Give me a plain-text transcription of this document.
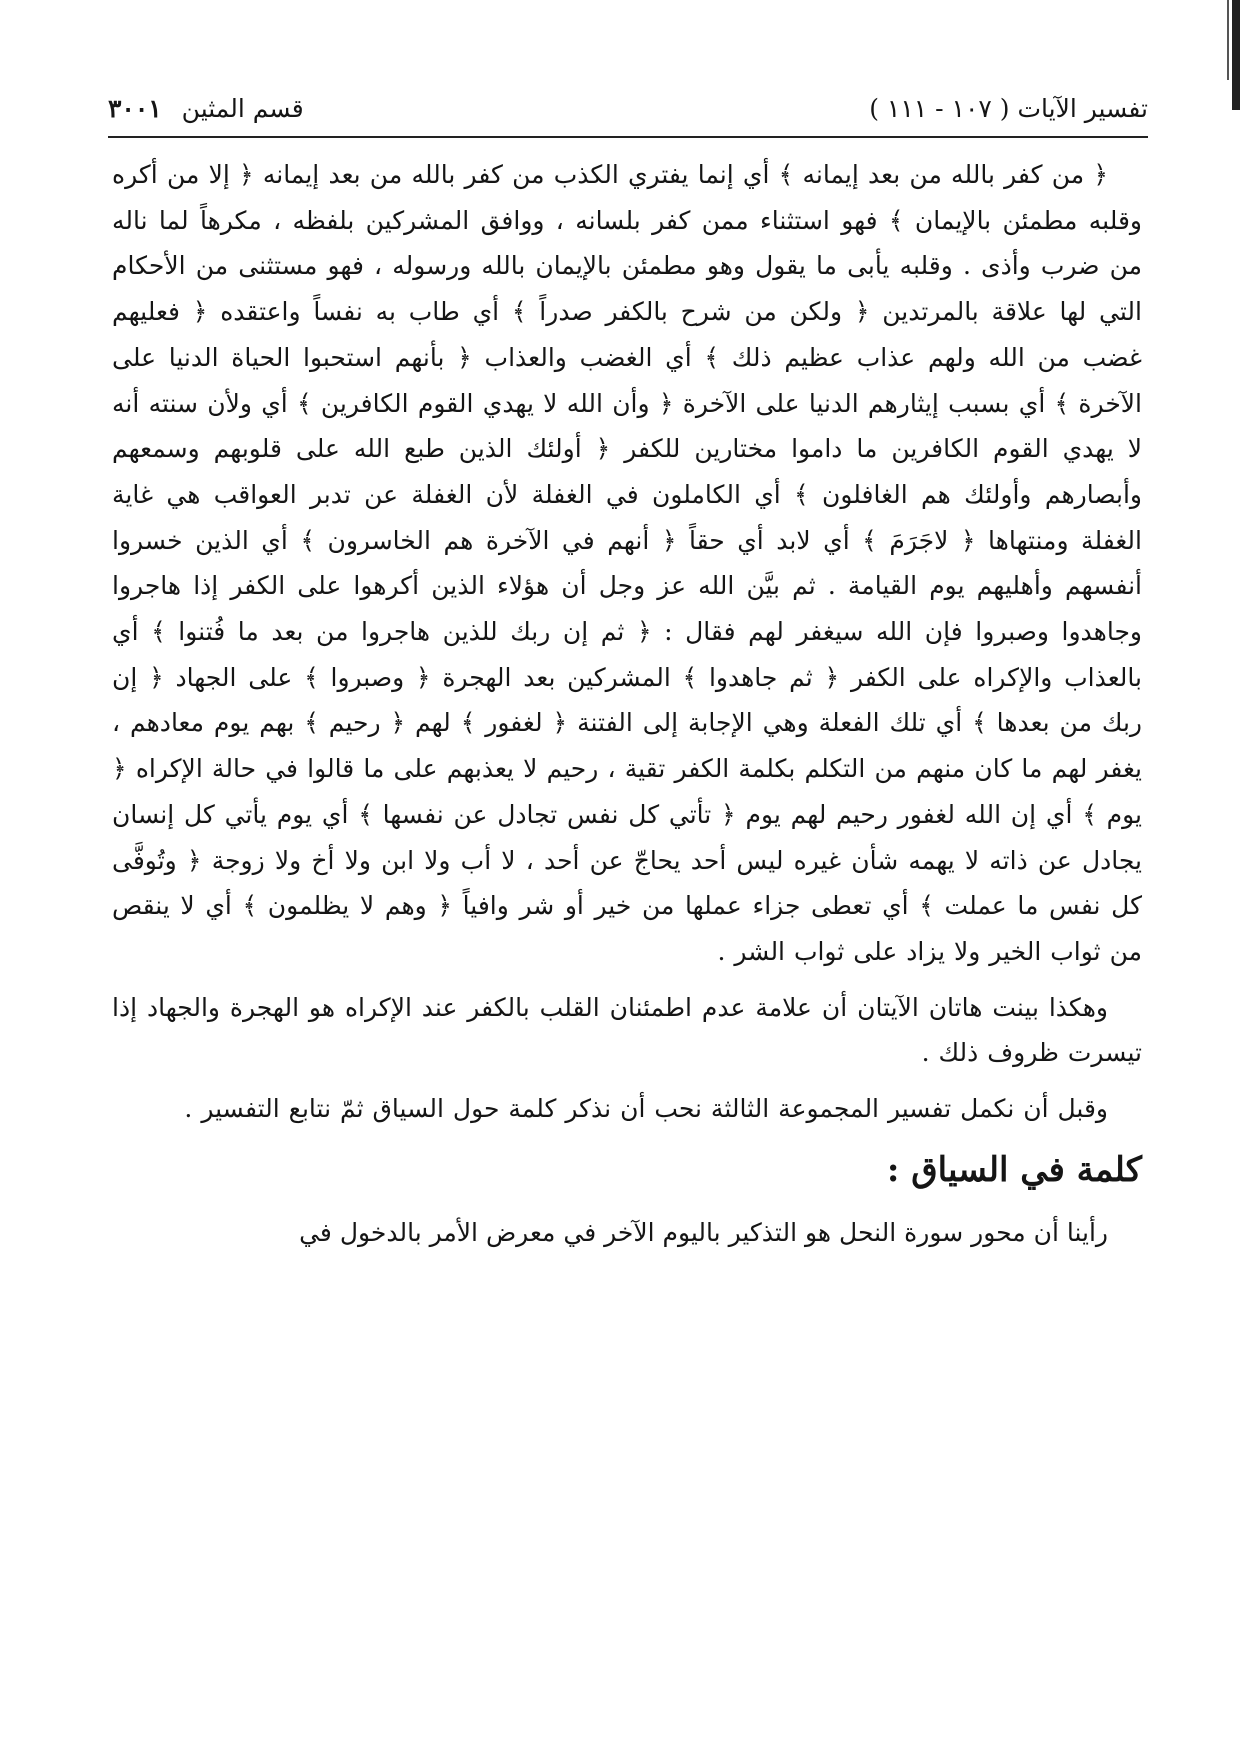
تفسير الآيات ( ١٠٧ - ١١١ )
قسم المثين ٣٠٠١

﴿ من كفر بالله من بعد إيمانه ﴾ أي إنما يفتري الكذب من كفر بالله من بعد إيمانه ﴿ إلا من أكره وقلبه مطمئن بالإيمان ﴾ فهو استثناء ممن كفر بلسانه ، ووافق المشركين بلفظه ، مكرهاً لما ناله من ضرب وأذى . وقلبه يأبى ما يقول وهو مطمئن بالإيمان بالله ورسوله ، فهو مستثنى من الأحكام التي لها علاقة بالمرتدين ﴿ ولكن من شرح بالكفر صدراً ﴾ أي طاب به نفساً واعتقده ﴿ فعليهم غضب من الله ولهم عذاب عظيم ذلك ﴾ أي الغضب والعذاب ﴿ بأنهم استحبوا الحياة الدنيا على الآخرة ﴾ أي بسبب إيثارهم الدنيا على الآخرة ﴿ وأن الله لا يهدي القوم الكافرين ﴾ أي ولأن سنته أنه لا يهدي القوم الكافرين ما داموا مختارين للكفر ﴿ أولئك الذين طبع الله على قلوبهم وسمعهم وأبصارهم وأولئك هم الغافلون ﴾ أي الكاملون في الغفلة لأن الغفلة عن تدبر العواقب هي غاية الغفلة ومنتهاها ﴿ لاجَرَمَ ﴾ أي لابد أي حقاً ﴿ أنهم في الآخرة هم الخاسرون ﴾ أي الذين خسروا أنفسهم وأهليهم يوم القيامة . ثم بيَّن الله عز وجل أن هؤلاء الذين أكرهوا على الكفر إذا هاجروا وجاهدوا وصبروا فإن الله سيغفر لهم فقال : ﴿ ثم إن ربك للذين هاجروا من بعد ما فُتنوا ﴾ أي بالعذاب والإكراه على الكفر ﴿ ثم جاهدوا ﴾ المشركين بعد الهجرة ﴿ وصبروا ﴾ على الجهاد ﴿ إن ربك من بعدها ﴾ أي تلك الفعلة وهي الإجابة إلى الفتنة ﴿ لغفور ﴾ لهم ﴿ رحيم ﴾ بهم يوم معادهم ، يغفر لهم ما كان منهم من التكلم بكلمة الكفر تقية ، رحيم لا يعذبهم على ما قالوا في حالة الإكراه ﴿ يوم ﴾ أي إن الله لغفور رحيم لهم يوم ﴿ تأتي كل نفس تجادل عن نفسها ﴾ أي يوم يأتي كل إنسان يجادل عن ذاته لا يهمه شأن غيره ليس أحد يحاجّ عن أحد ، لا أب ولا ابن ولا أخ ولا زوجة ﴿ وتُوفَّى كل نفس ما عملت ﴾ أي تعطى جزاء عملها من خير أو شر وافياً ﴿ وهم لا يظلمون ﴾ أي لا ينقص من ثواب الخير ولا يزاد على ثواب الشر .

وهكذا بينت هاتان الآيتان أن علامة عدم اطمئنان القلب بالكفر عند الإكراه هو الهجرة والجهاد إذا تيسرت ظروف ذلك .

وقبل أن نكمل تفسير المجموعة الثالثة نحب أن نذكر كلمة حول السياق ثمّ نتابع التفسير .

كلمة في السياق :

رأينا أن محور سورة النحل هو التذكير باليوم الآخر في معرض الأمر بالدخول في
